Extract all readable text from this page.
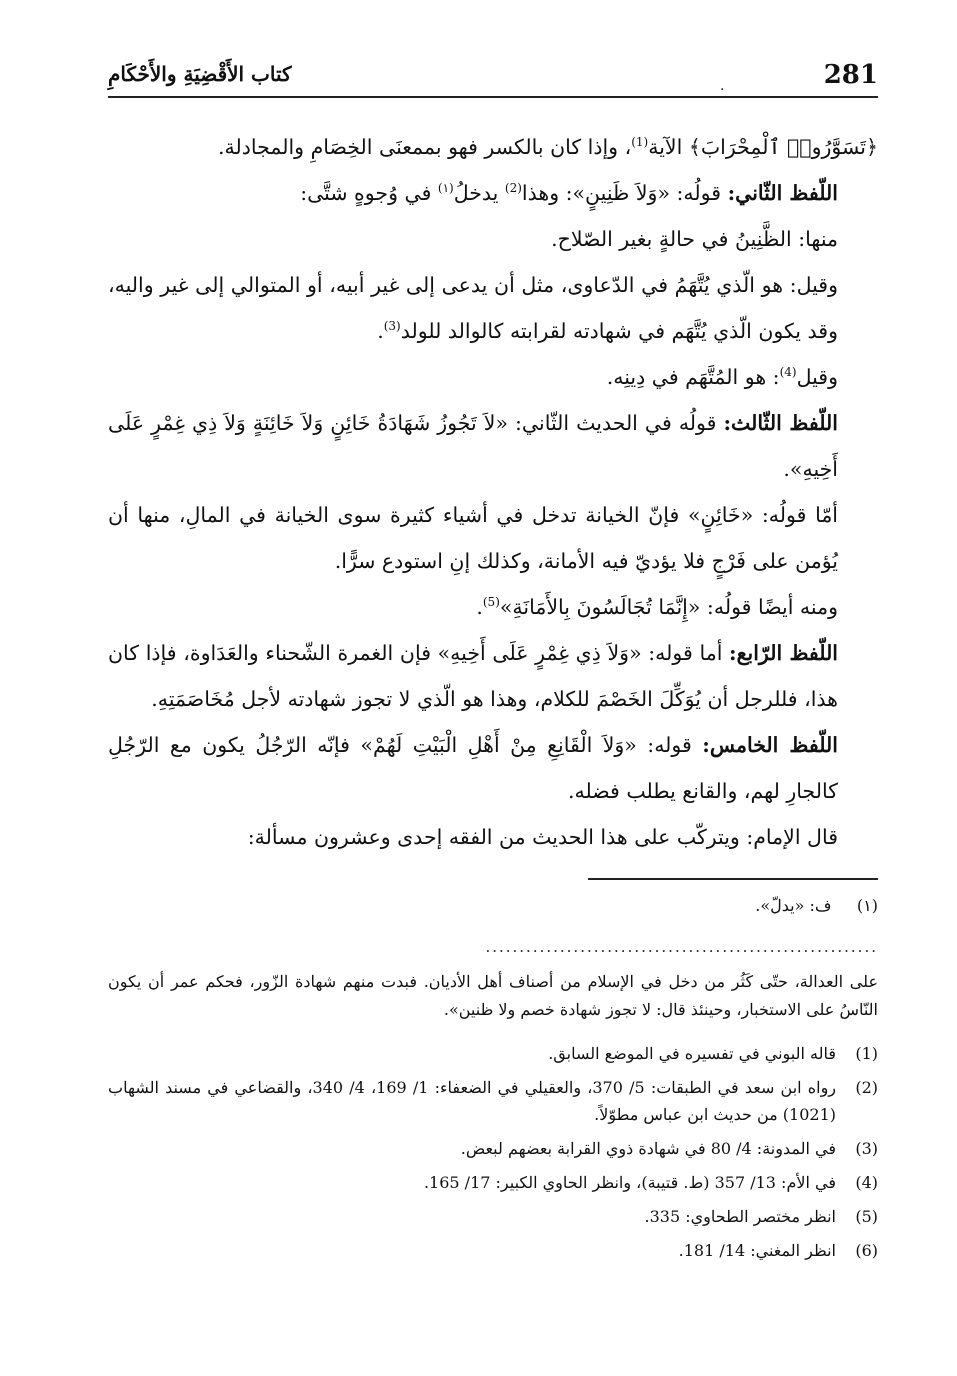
281
.
كتاب الأَقْضِيَةِ والأَحْكَامِ

﴿تَسَوَّرُوا۟ ٱلْمِحْرَابَ﴾ الآية$^{(1)}$، وإذا كان بالكسر فهو بممعنَى الخِصَامِ والمجادلة.

اللّفظ الثّاني: قولُه: «وَلاَ ظَنِينٍ»: وهذا$^{(2)}$ يدخلُ$^{(١)}$ في وُجوهٍ شتَّى:

منها: الظَّنِينُ في حالةٍ بغير الصّلاح.

وقيل: هو الّذي يُتَّهَمُ في الدّعاوى، مثل أن يدعى إلى غير أبيه، أو المتوالي إلى غير واليه، وقد يكون الّذي يُتَّهَم في شهادته لقرابته كالوالد للولد$^{(3)}$.

وقيل$^{(4)}$: هو المُتَّهَم في دِينِه.

اللّفظ الثّالث: قولُه في الحديث الثّاني: «لاَ تَجُوزُ شَهَادَةُ خَائِنٍ وَلاَ خَائِنَةٍ وَلاَ ذِي غِمْرٍ عَلَى أَخِيهِ».

أمّا قولُه: «خَائِنٍ» فإنّ الخيانة تدخل في أشياء كثيرة سوى الخيانة في المالِ، منها أن يُؤمن على فَرْجٍ فلا يؤديّ فيه الأمانة، وكذلك إنِ استودع سرًّا.

ومنه أيضًا قولُه: «إِنَّمَا تُجَالَسُونَ بِالأَمَانَةِ»$^{(5)}$.

اللّفظ الرّابع: أما قوله: «وَلاَ ذِي غِمْرٍ عَلَى أَخِيهِ» فإن الغمرة الشّحناء والعَدَاوة، فإذا كان هذا، فللرجل أن يُوَكِّلَ الخَصْمَ للكلام، وهذا هو الّذي لا تجوز شهادته لأجل مُخَاصَمَتِهِ.

اللّفظ الخامس: قوله: «وَلاَ الْقَانِعِ مِنْ أَهْلِ الْبَيْتِ لَهُمْ» فإنّه الرّجُلُ يكون مع الرّجُلِ كالجارِ لهم، والقانع يطلب فضله.

قال الإمام: ويتركّب على هذا الحديث من الفقه إحدى وعشرون مسألة:

(١)     ف: «يدلّ».
..........................................................

على العدالة، حتّى كَثُر من دخل في الإسلام من أصناف أهل الأديان. فبدت منهم شهادة الزّور، فحكم عمر أن يكون النّاسُ على الاستخبار، وحينئذ قال: لا تجوز شهادة خصم ولا ظنين».

(1)
قاله البوني في تفسيره في الموضع السابق.
(2)
رواه ابن سعد في الطبقات: 5/ 370، والعقيلي في الضعفاء: 1/ 169، 4/ 340، والقضاعي في مسند الشهاب (1021) من حديث ابن عباس مطوّلاً.
(3)
في المدونة: 4/ 80 في شهادة ذوي القرابة بعضهم لبعض.
(4)
في الأم: 13/ 357 (ط. قتيبة)، وانظر الحاوي الكبير: 17/ 165.
(5)
انظر مختصر الطحاوي: 335.
(6)
انظر المغني: 14/ 181.
